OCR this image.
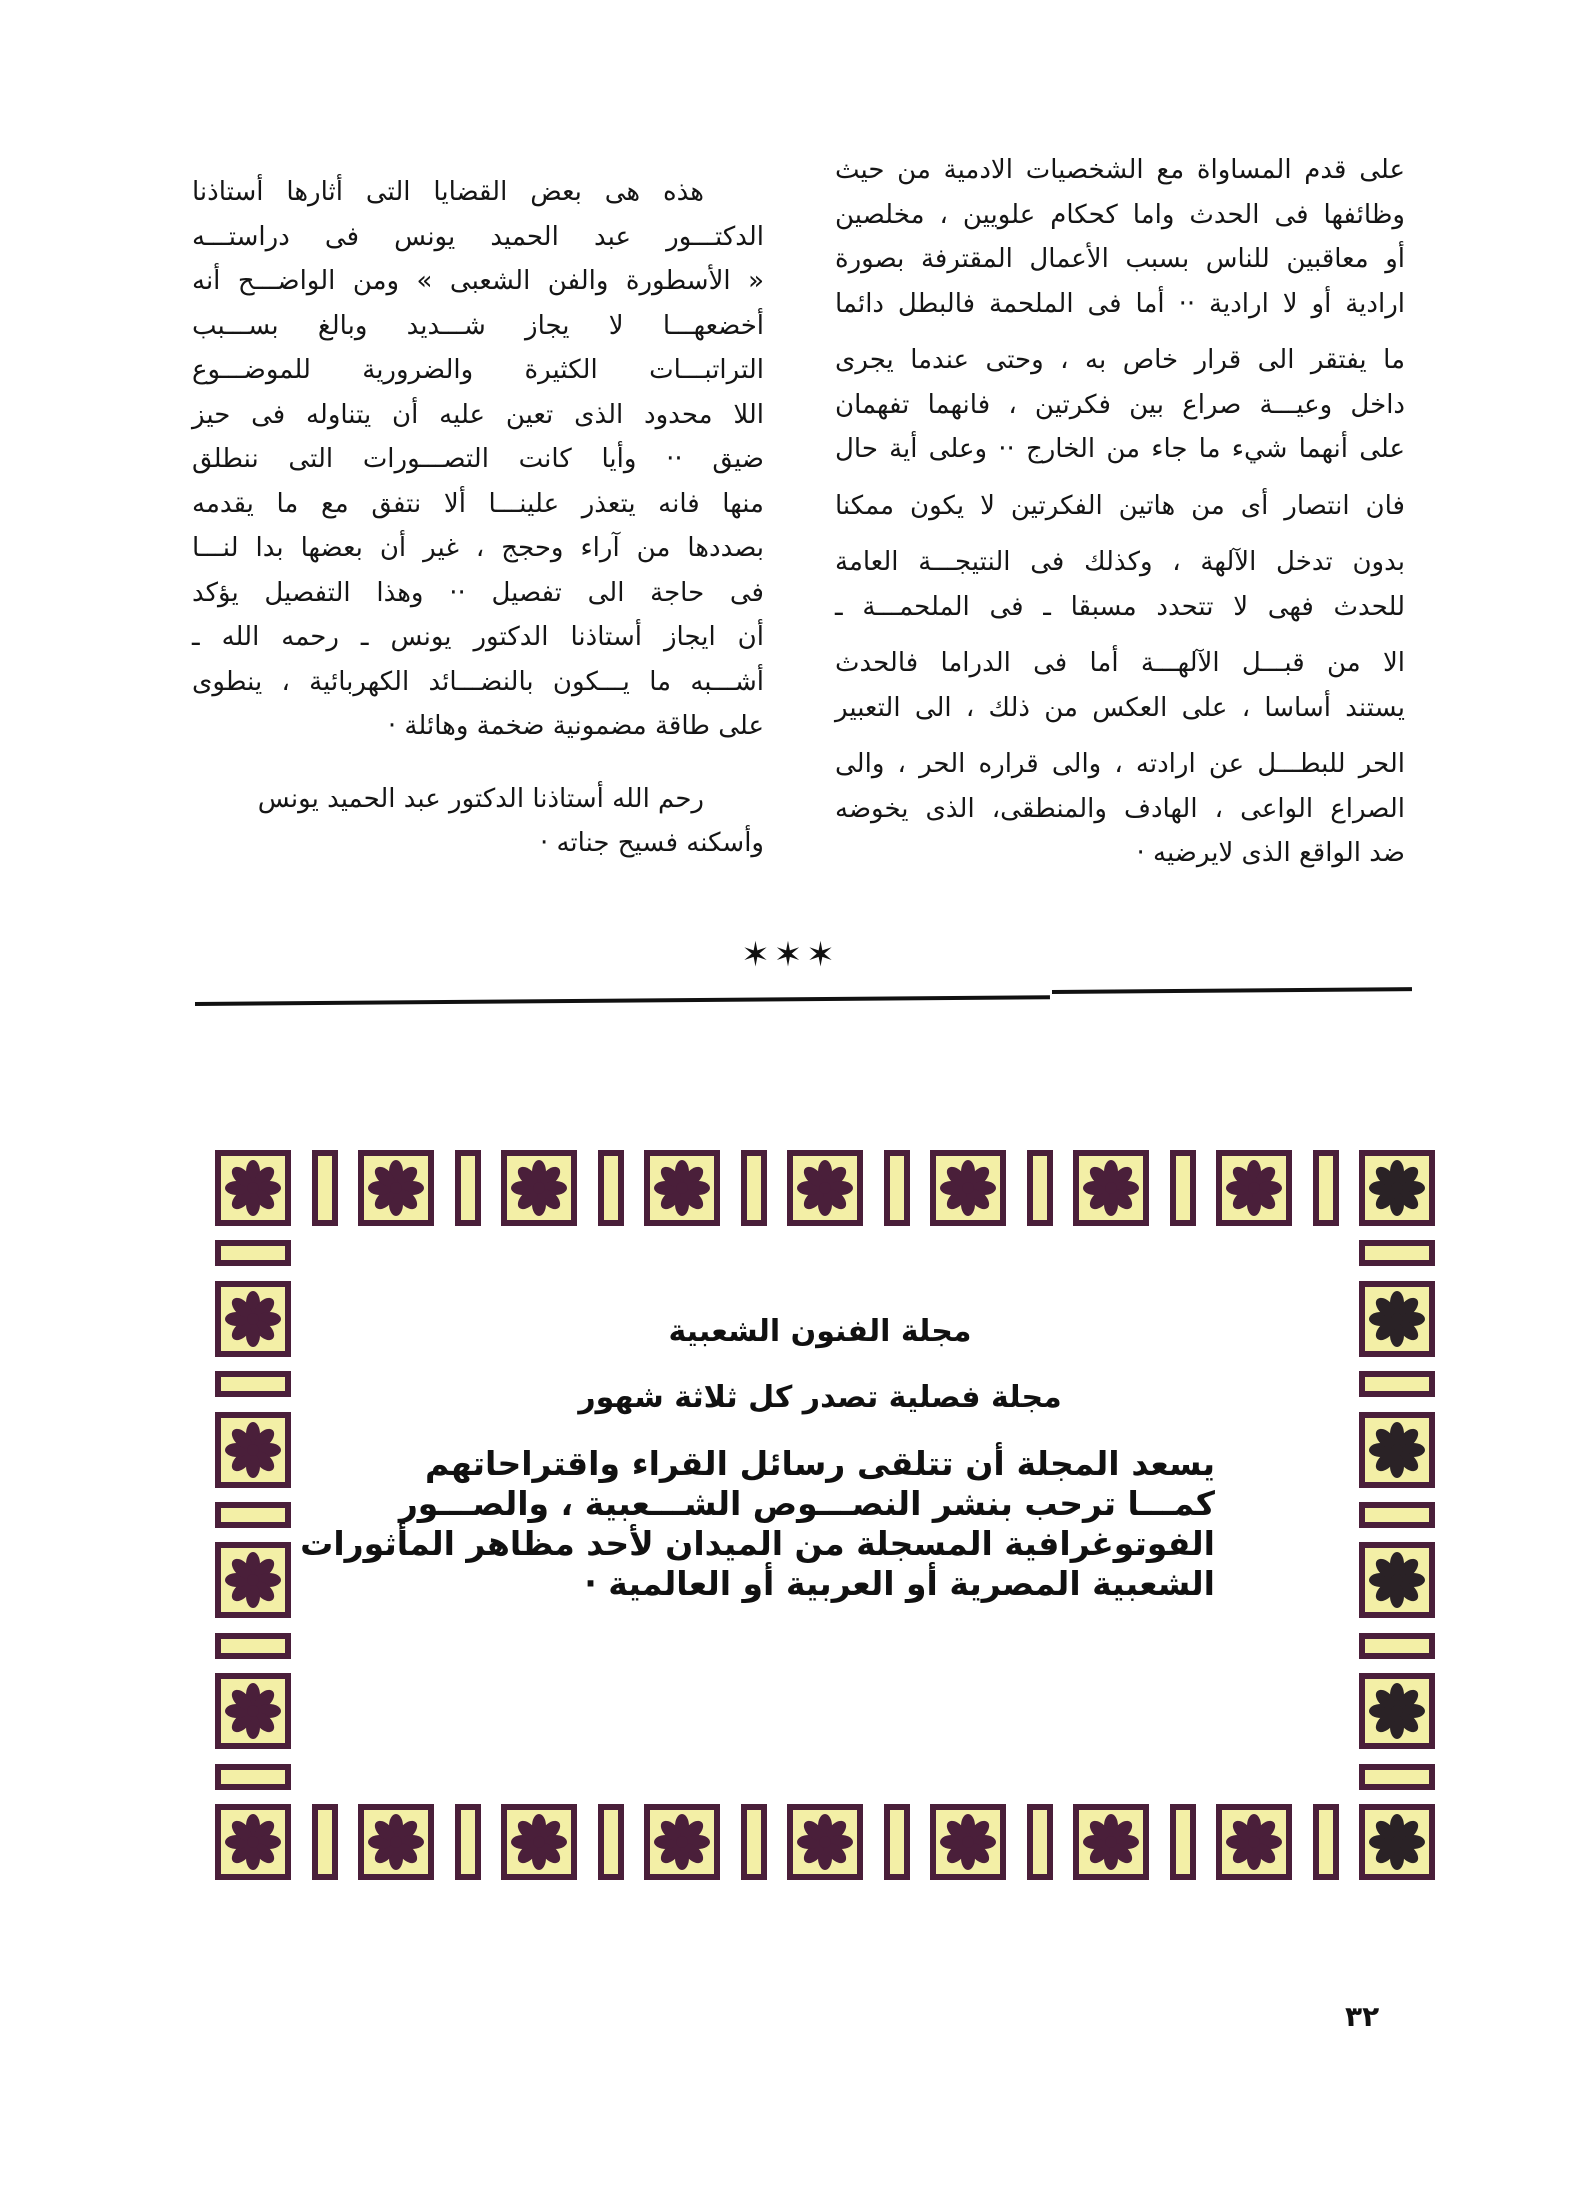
على قدم المساواة مع الشخصيات الادمية من حيث
وظائفها فى الحدث واما كحكام علويين ، مخلصين
أو معاقبين للناس بسبب الأعمال المقترفة بصورة
ارادية أو لا ارادية ·· أما فى الملحمة فالبطل دائما
ما يفتقر الى قرار خاص به ، وحتى عندما يجرى
داخل وعيـــة صراع بين فكرتين ، فانهما تفهمان
على أنهما شيء ما جاء من الخارج ·· وعلى أية حال
فان انتصار أى من هاتين الفكرتين لا يكون ممكنا
بدون تدخل الآلهة ، وكذلك فى النتيجـــة العامة
للحدث فهى لا تتحدد مسبقا ـ فى الملحمـــة ـ
الا من قبـــل الآلهـــة أما فى الدراما فالحدث
يستند أساسا ، على العكس من ذلك ، الى التعبير
الحر للبطـــل عن ارادته ، والى قراره الحر ، والى
الصراع الواعى ، الهادف والمنطقى، الذى يخوضه
ضد الواقع الذى لايرضيه ·

هذه هى بعض القضايا التى أثارها أستاذنا
الدكتـــور عبد الحميد يونس فى دراستـــه
« الأسطورة والفن الشعبى » ومن الواضـــح أنه
أخضعهـــا لا يجاز شـــديد وبالغ بســـبب
التراتبـــات الكثيرة والضرورية للموضـــوع
اللا محدود الذى تعين عليه أن يتناوله فى حيز
ضيق ·· وأيا كانت التصـــورات التى ننطلق
منها فانه يتعذر علينـــا ألا نتفق مع ما يقدمه
بصددها من آراء وحجج ، غير أن بعضها بدا لنـــا
فى حاجة الى تفصيل ·· وهذا التفصيل يؤكد
أن ايجاز أستاذنا الدكتور يونس ـ رحمه الله ـ
أشـــبه ما يـــكون بالنضـــائد الكهربائية ، ينطوى
على طاقة مضمونية ضخمة وهائلة ·

رحم الله أستاذنا الدكتور عبد الحميد يونس
وأسكنه فسيح جناته ·

✶✶✶
مجلة الفنون الشعبية
مجلة فصلية تصدر كل ثلاثة شهور
يسعد المجلة أن تتلقى رسائل القراء واقتراحاتهم
كمـــا ترحب بنشر النصـــوص الشـــعبية ، والصـــور
الفوتوغرافية المسجلة من الميدان لأحد مظاهر المأثورات
الشعبية المصرية أو العربية أو العالمية ·
٣٢
